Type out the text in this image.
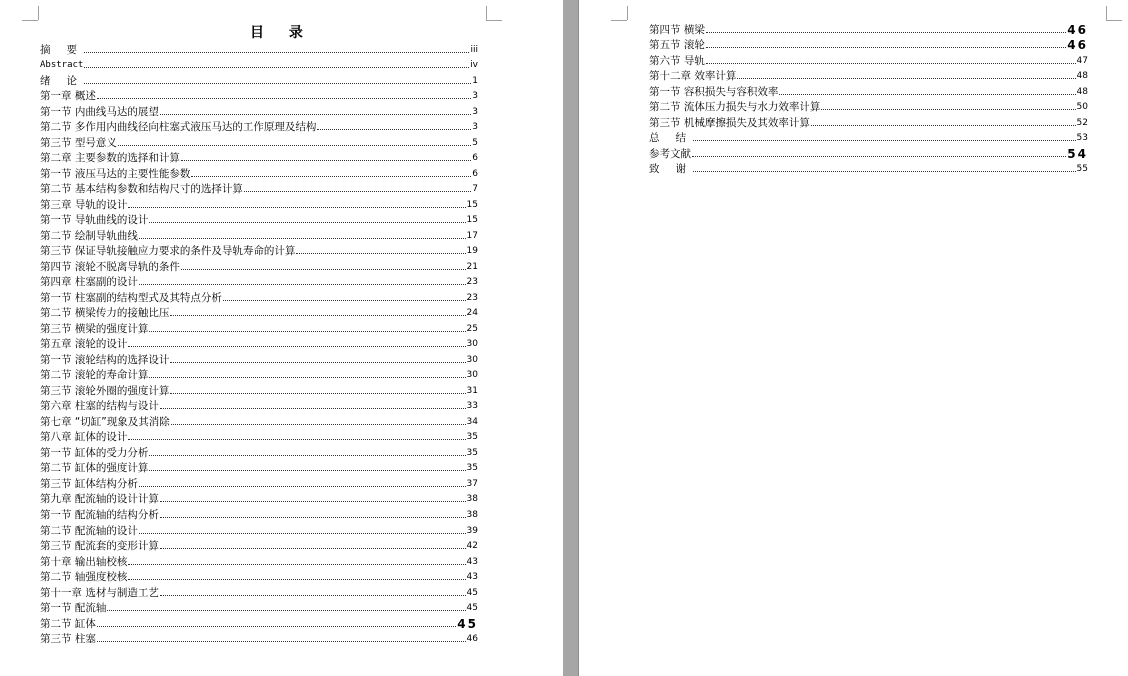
目 录
摘 要	iii
Abstract	iv
绪 论	1
第一章 概述	3
第一节 内曲线马达的展望	3
第二节 多作用内曲线径向柱塞式液压马达的工作原理及结构	3
第三节 型号意义	5
第二章 主要参数的选择和计算	6
第一节 液压马达的主要性能参数	6
第二节 基本结构参数和结构尺寸的选择计算	7
第三章 导轨的设计	15
第一节 导轨曲线的设计	15
第二节 绘制导轨曲线	17
第三节 保证导轨接触应力要求的条件及导轨寿命的计算	19
第四节 滚轮不脱离导轨的条件	21
第四章 柱塞副的设计	23
第一节 柱塞副的结构型式及其特点分析	23
第二节 横梁传力的接触比压	24
第三节 横梁的强度计算	25
第五章 滚轮的设计	30
第一节 滚轮结构的选择设计	30
第二节 滚轮的寿命计算	30
第三节 滚轮外圈的强度计算	31
第六章 柱塞的结构与设计	33
第七章 “切缸”现象及其消除	34
第八章 缸体的设计	35
第一节 缸体的受力分析	35
第二节 缸体的强度计算	35
第三节 缸体结构分析	37
第九章 配流轴的设计计算	38
第一节 配流轴的结构分析	38
第二节 配流轴的设计	39
第三节 配流套的变形计算	42
第十章 输出轴校核	43
第二节 轴强度校核	43
第十一章 选材与制造工艺	45
第一节 配流轴	45
第二节 缸体	45
第三节 柱塞	46
第四节 横梁	46
第五节 滚轮	46
第六节 导轨	47
第十二章 效率计算	48
第一节 容积损失与容积效率	48
第二节 流体压力损失与水力效率计算	50
第三节 机械摩擦损失及其效率计算	52
总 结	53
参考文献	54
致 谢	55
